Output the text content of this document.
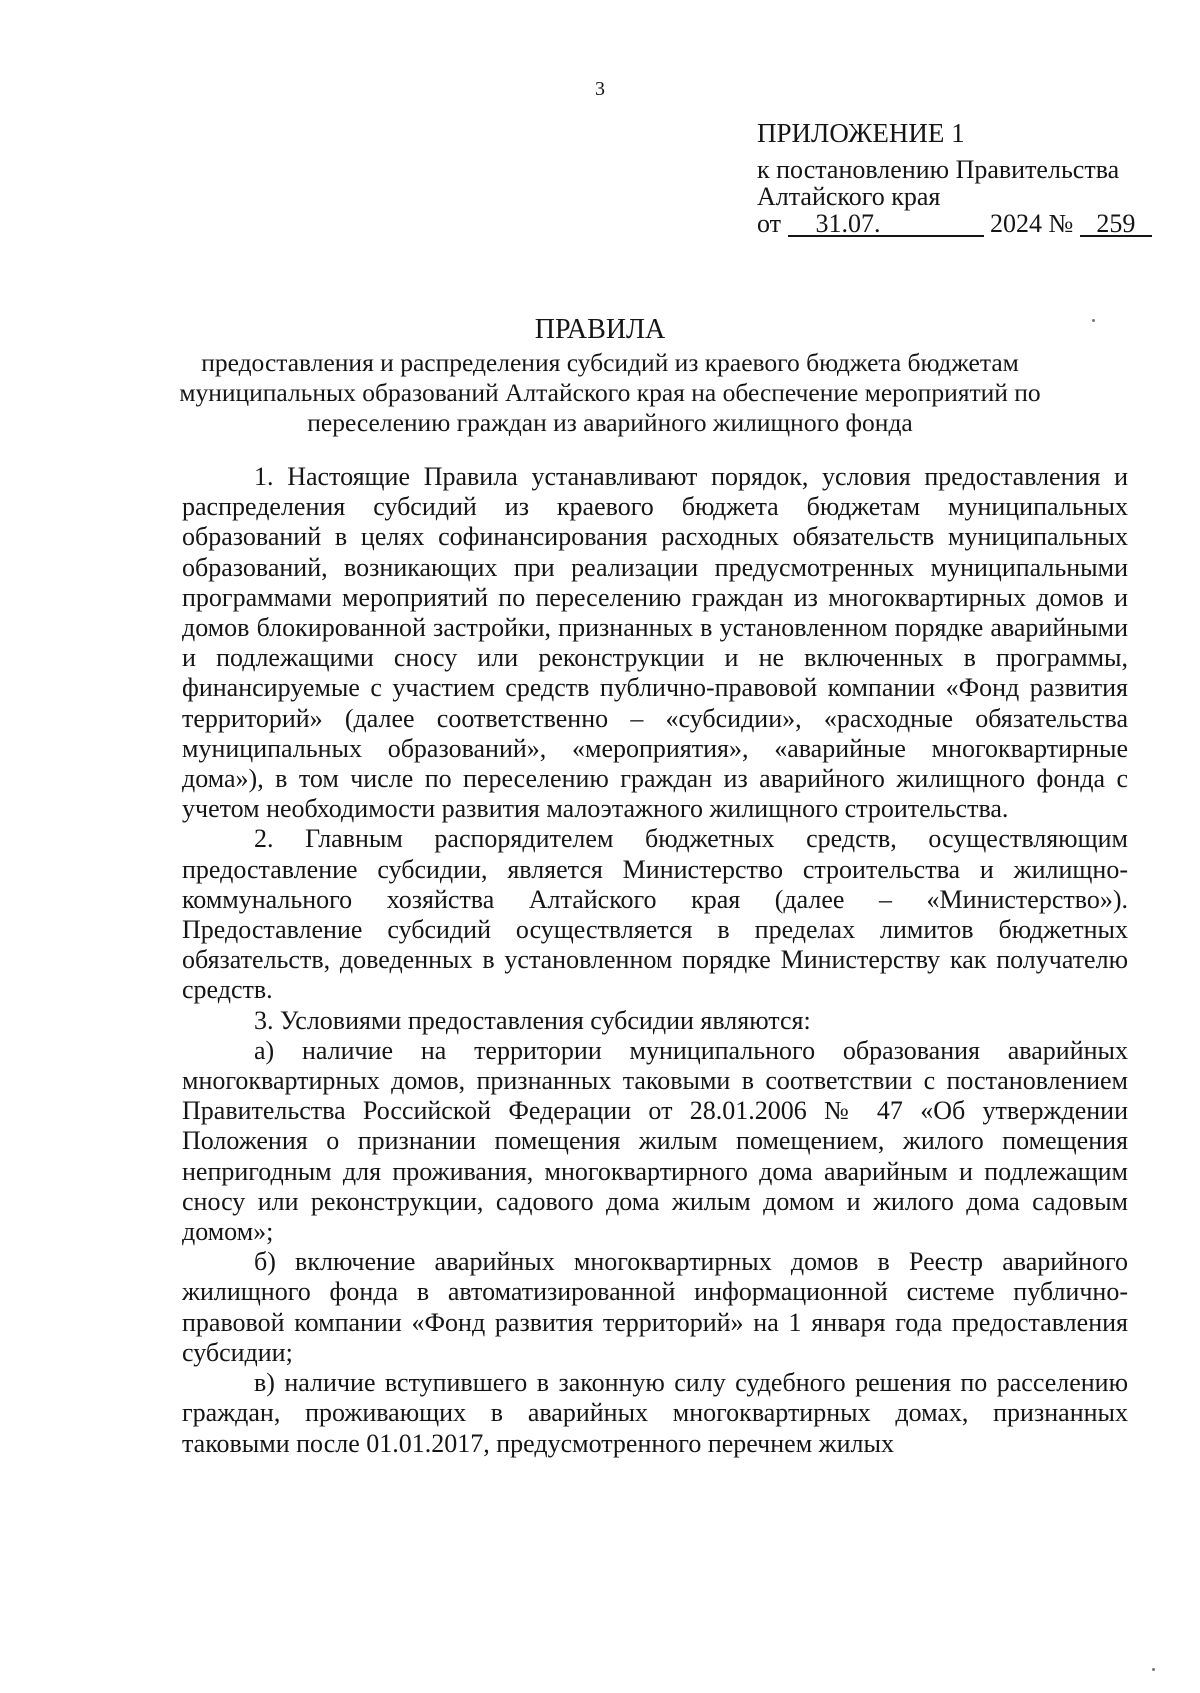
3
ПРИЛОЖЕНИЕ 1
к постановлению Правительства
Алтайского края
от 31.07.	2024 № 259
ПРАВИЛА
предоставления и распределения субсидий из краевого бюджета бюджетам муниципальных образований Алтайского края на обеспечение мероприятий по переселению граждан из аварийного жилищного фонда

1. Настоящие Правила устанавливают порядок, условия предоставления и распределения субсидий из краевого бюджета бюджетам муниципальных образований в целях софинансирования расходных обязательств муниципальных образований, возникающих при реализации предусмотренных муниципальными программами мероприятий по переселению граждан из многоквартирных домов и домов блокированной застройки, признанных в установленном порядке аварийными и подлежащими сносу или реконструкции и не включенных в программы, финансируемые с участием средств публично-правовой компании «Фонд развития территорий» (далее соответственно – «субсидии», «расходные обязательства муниципальных образований», «мероприятия», «аварийные многоквартирные дома»), в том числе по переселению граждан из аварийного жилищного фонда с учетом необходимости развития малоэтажного жилищного строительства.

2. Главным распорядителем бюджетных средств, осуществляющим предоставление субсидии, является Министерство строительства и жилищно-коммунального хозяйства Алтайского края (далее – «Министерство»). Предоставление субсидий осуществляется в пределах лимитов бюджетных обязательств, доведенных в установленном порядке Министерству как получателю средств.

3. Условиями предоставления субсидии являются:

а) наличие на территории муниципального образования аварийных многоквартирных домов, признанных таковыми в соответствии с постановлением Правительства Российской Федерации от 28.01.2006 № 47 «Об утверждении Положения о признании помещения жилым помещением, жилого помещения непригодным для проживания, многоквартирного дома аварийным и подлежащим сносу или реконструкции, садового дома жилым домом и жилого дома садовым домом»;

б) включение аварийных многоквартирных домов в Реестр аварийного жилищного фонда в автоматизированной информационной системе публично-правовой компании «Фонд развития территорий» на 1 января года предоставления субсидии;

в) наличие вступившего в законную силу судебного решения по расселению граждан, проживающих в аварийных многоквартирных домах, признанных таковыми после 01.01.2017, предусмотренного перечнем жилых
